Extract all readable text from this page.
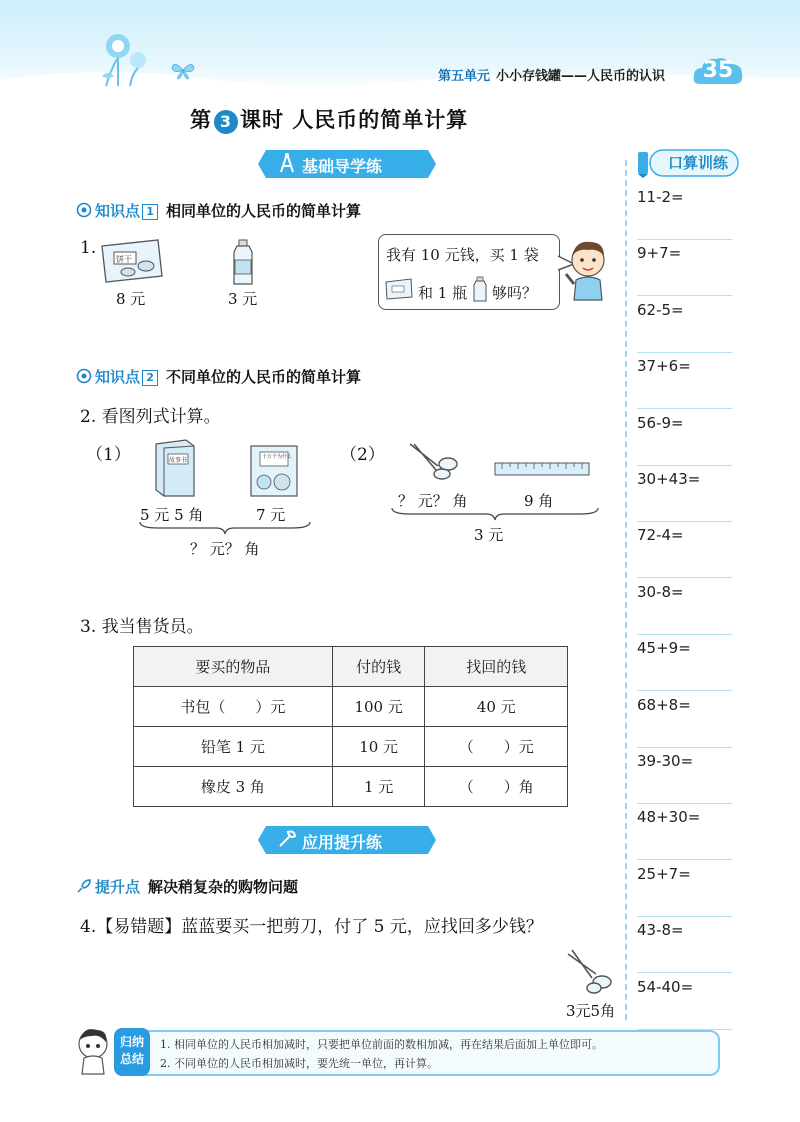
第五单元 小小存钱罐——人民币的认识	35
第 3 课时 人民币的简单计算
基础导学练
知识点 1 相同单位的人民币的简单计算
1.
饼干
8 元	3 元
我有 10 元钱，买 1 袋
和 1 瓶 够吗？
知识点 2 不同单位的人民币的简单计算
2. 看图列式计算。
（1）	故事书	十万个为什么
5 元 5 角	7 元
？ 元？ 角
（2）
？ 元？ 角	9 角
3 元
3. 我当售货员。
要买的物品	付的钱	找回的钱
书包（　　）元	100 元	40 元
铅笔 1 元	10 元	（　　）元
橡皮 3 角	1 元	（　　）角
应用提升练
提升点 解决稍复杂的购物问题
4.【易错题】蓝蓝要买一把剪刀，付了 5 元，应找回多少钱？
3元5角
归纳
总结
1. 相同单位的人民币相加减时，只要把单位前面的数相加减，再在结果后面加上单位即可。
2. 不同单位的人民币相加减时，要先统一单位，再计算。
口算训练
11-2=
9+7=
62-5=
37+6=
56-9=
30+43=
72-4=
30-8=
45+9=
68+8=
39-30=
48+30=
25+7=
43-8=
54-40=
